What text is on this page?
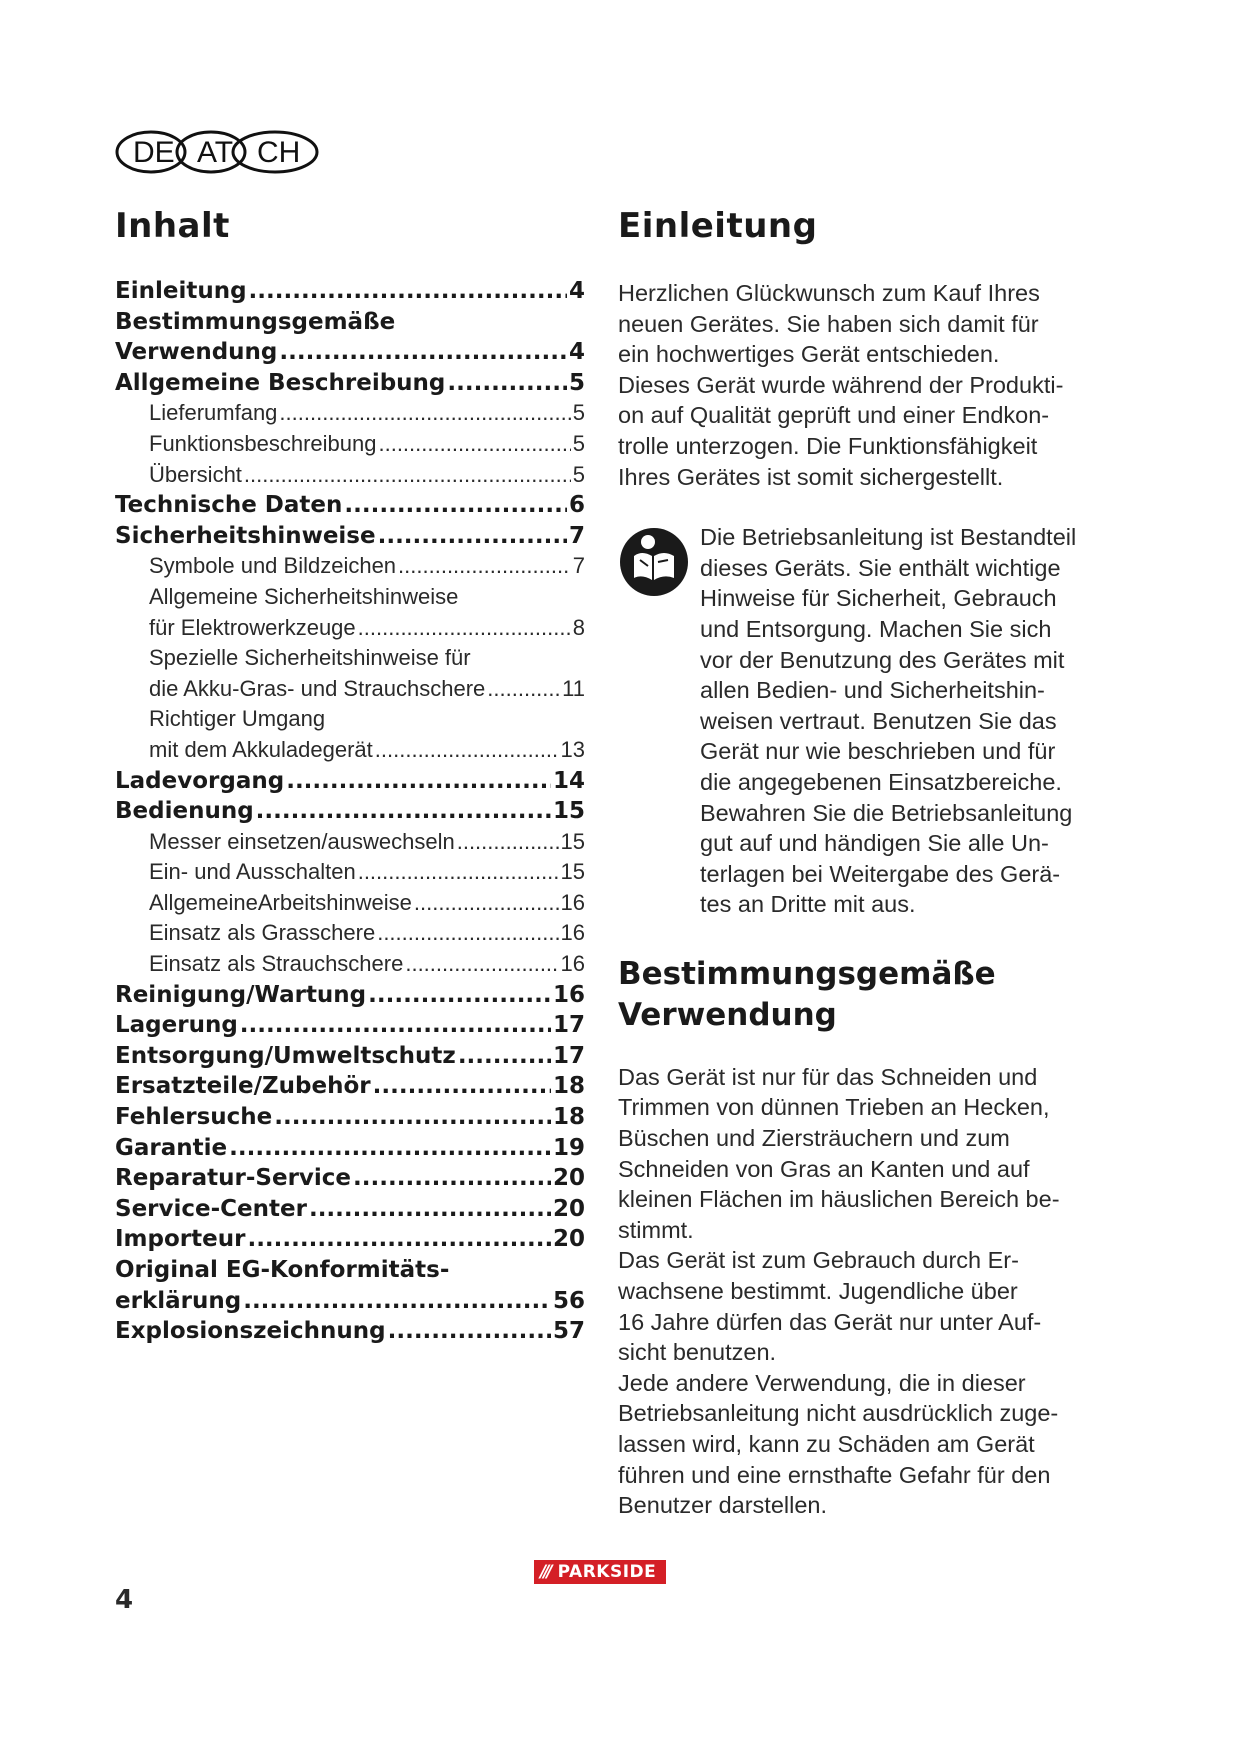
DE AT CH
Inhalt
Einleitung .....	4
Bestimmungsgemäße
Verwendung .....	4
Allgemeine Beschreibung .....	5
Lieferumfang .....	5
Funktionsbeschreibung .....	5
Übersicht .....	5
Technische Daten .....	6
Sicherheitshinweise .....	7
Symbole und Bildzeichen .....	7
Allgemeine Sicherheitshinweise
für Elektrowerkzeuge .....	8
Spezielle Sicherheitshinweise für
die Akku-Gras- und Strauchschere .....	11
Richtiger Umgang
mit dem Akkuladegerät .....	13
Ladevorgang .....	14
Bedienung .....	15
Messer einsetzen/auswechseln .....	15
Ein- und Ausschalten .....	15
AllgemeineArbeitshinweise .....	16
Einsatz als Grasschere .....	16
Einsatz als Strauchschere .....	16
Reinigung/Wartung .....	16
Lagerung .....	17
Entsorgung/Umweltschutz .....	17
Ersatzteile/Zubehör .....	18
Fehlersuche .....	18
Garantie .....	19
Reparatur-Service .....	20
Service-Center .....	20
Importeur .....	20
Original EG-Konformitäts-
erklärung .....	56
Explosionszeichnung .....	57
Einleitung
Herzlichen Glückwunsch zum Kauf Ihres
neuen Gerätes. Sie haben sich damit für
ein hochwertiges Gerät entschieden.
Dieses Gerät wurde während der Produkti-
on auf Qualität geprüft und einer Endkon-
trolle unterzogen. Die Funktionsfähigkeit
Ihres Gerätes ist somit sichergestellt.
Die Betriebsanleitung ist Bestandteil
dieses Geräts. Sie enthält wichtige
Hinweise für Sicherheit, Gebrauch
und Entsorgung. Machen Sie sich
vor der Benutzung des Gerätes mit
allen Bedien- und Sicherheitshin-
weisen vertraut. Benutzen Sie das
Gerät nur wie beschrieben und für
die angegebenen Einsatzbereiche.
Bewahren Sie die Betriebsanleitung
gut auf und händigen Sie alle Un-
terlagen bei Weitergabe des Gerä-
tes an Dritte mit aus.
Bestimmungsgemäße
Verwendung
Das Gerät ist nur für das Schneiden und
Trimmen von dünnen Trieben an Hecken,
Büschen und Ziersträuchern und zum
Schneiden von Gras an Kanten und auf
kleinen Flächen im häuslichen Bereich be-
stimmt.
Das Gerät ist zum Gebrauch durch Er-
wachsene bestimmt. Jugendliche über
16 Jahre dürfen das Gerät nur unter Auf-
sicht benutzen.
Jede andere Verwendung, die in dieser
Betriebsanleitung nicht ausdrücklich zuge-
lassen wird, kann zu Schäden am Gerät
führen und eine ernsthafte Gefahr für den
Benutzer darstellen.
/// PARKSIDE
4
